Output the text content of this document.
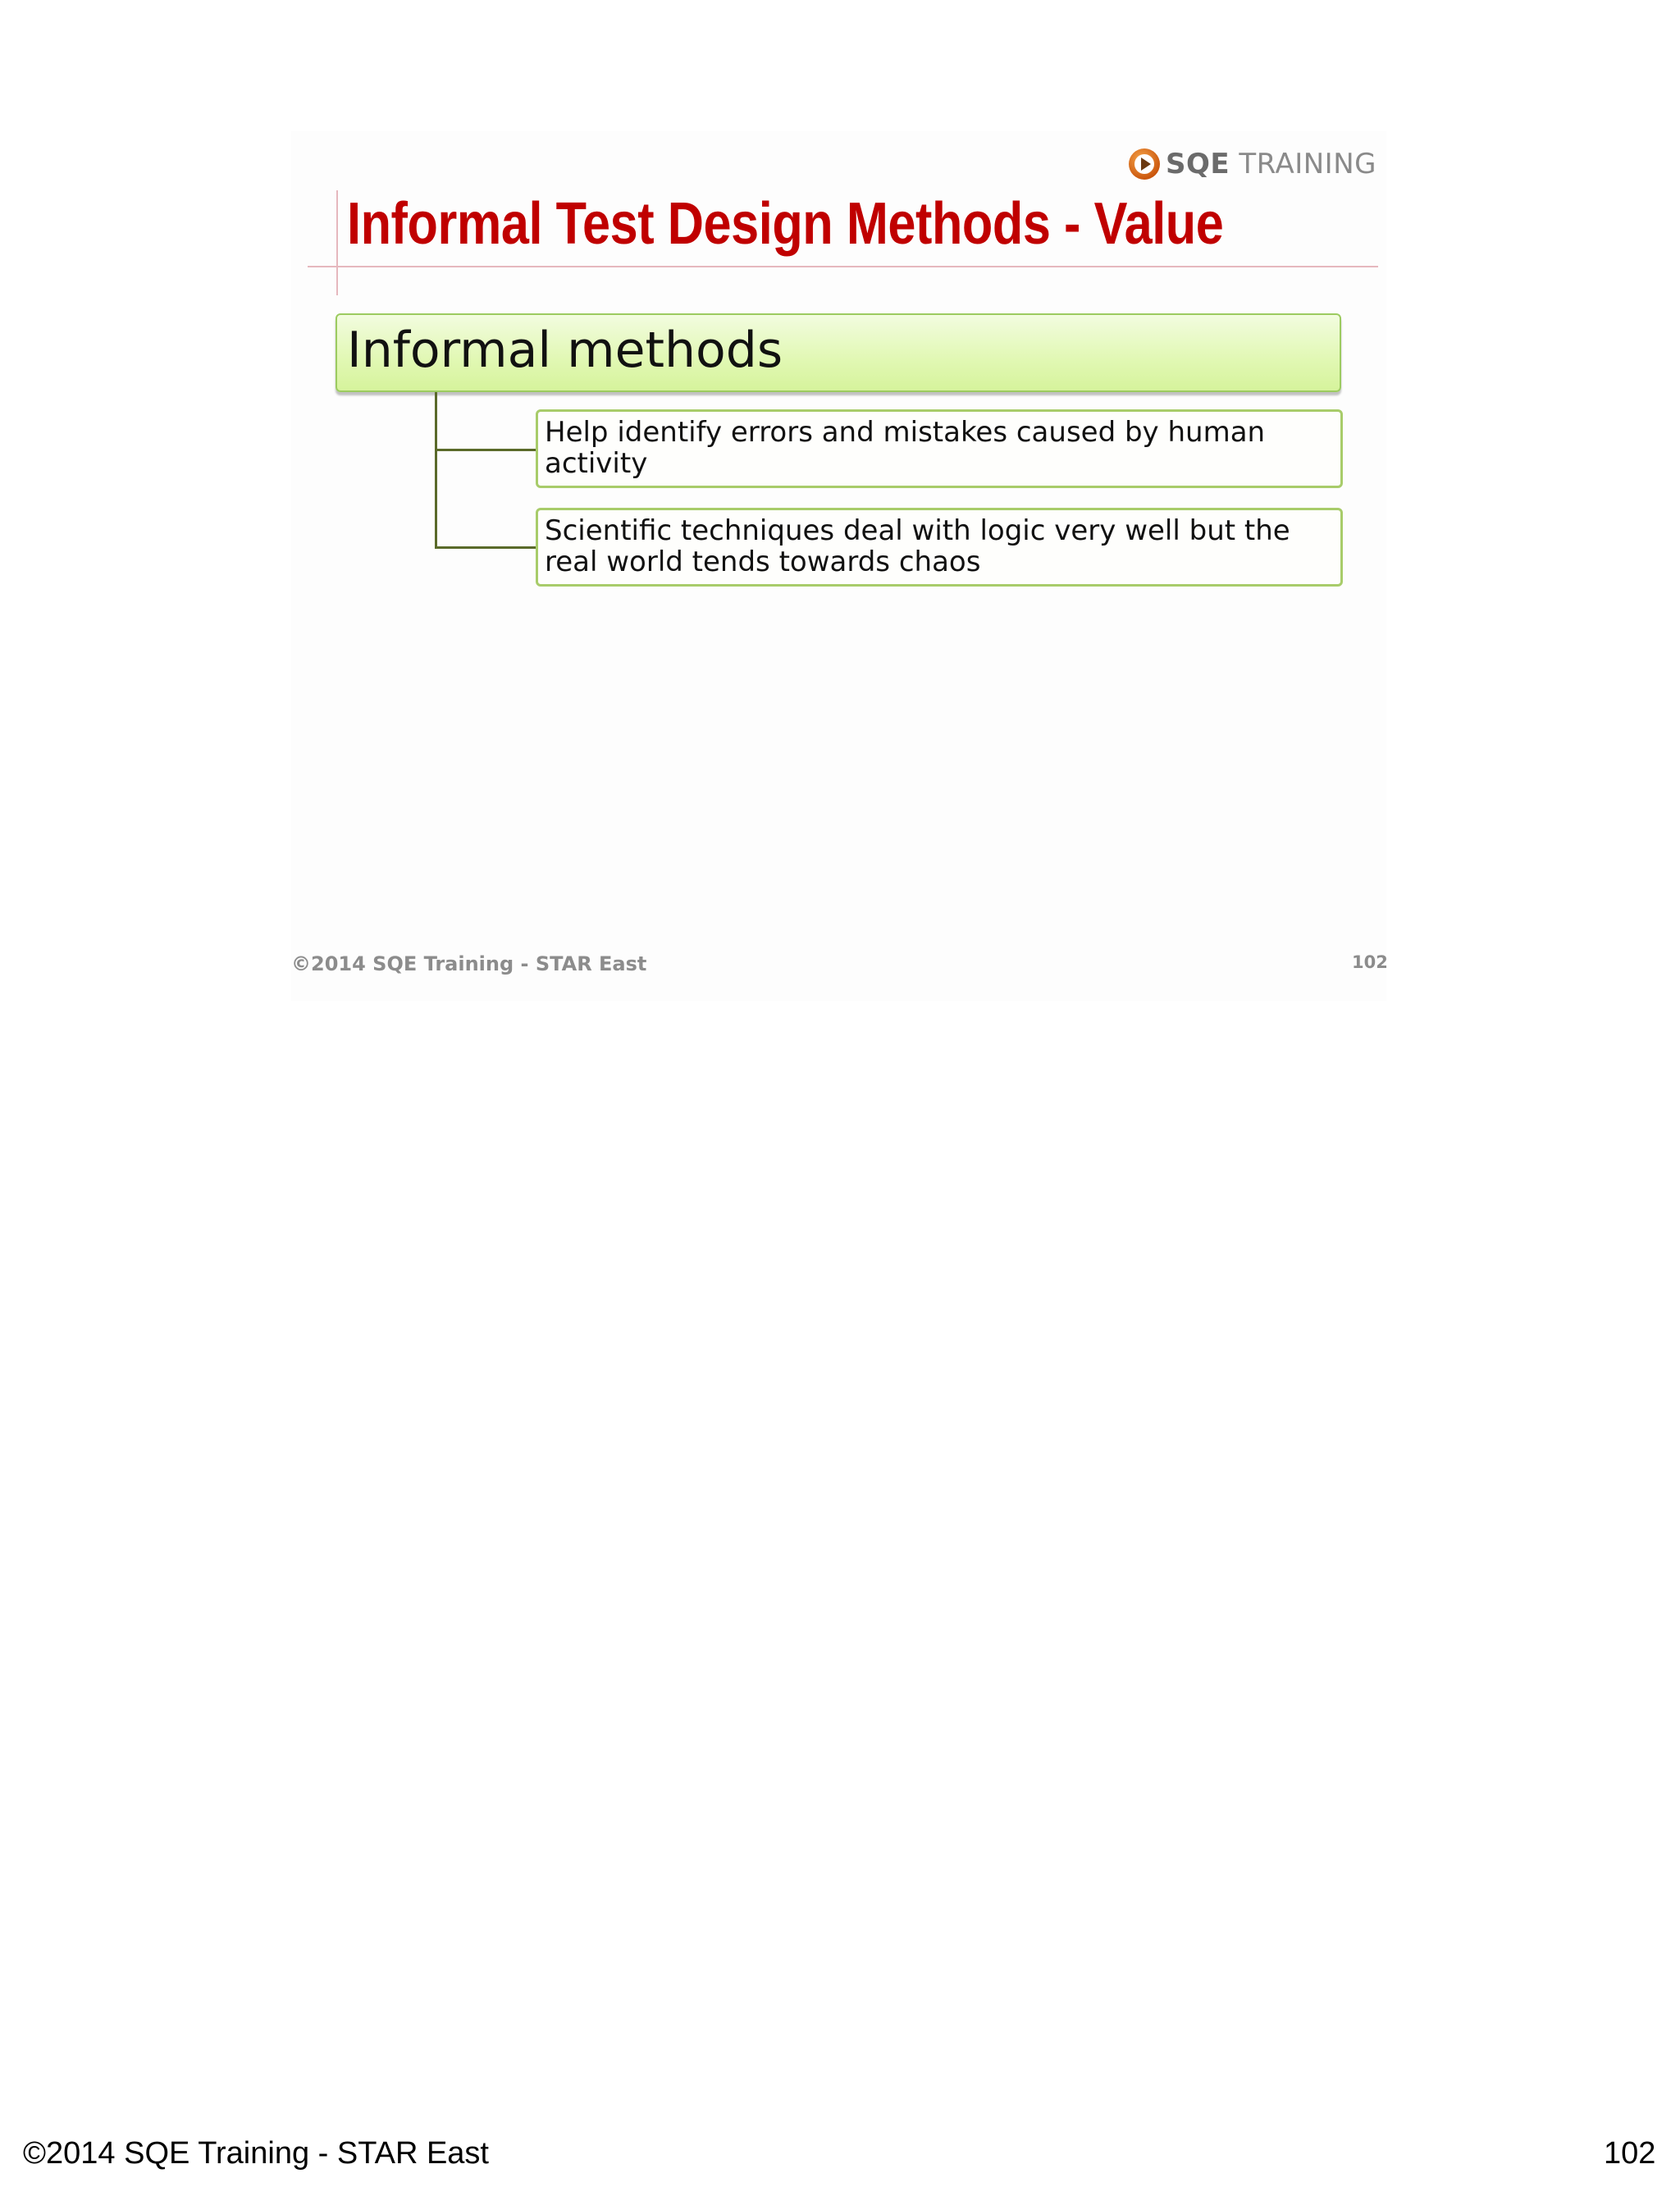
SQE TRAINING
Informal Test Design Methods - Value
Informal methods
Help identify errors and mistakes caused by human activity
Scientific techniques deal with logic very well but the real world tends towards chaos
©2014 SQE Training - STAR East	102
©2014 SQE Training - STAR East	102
